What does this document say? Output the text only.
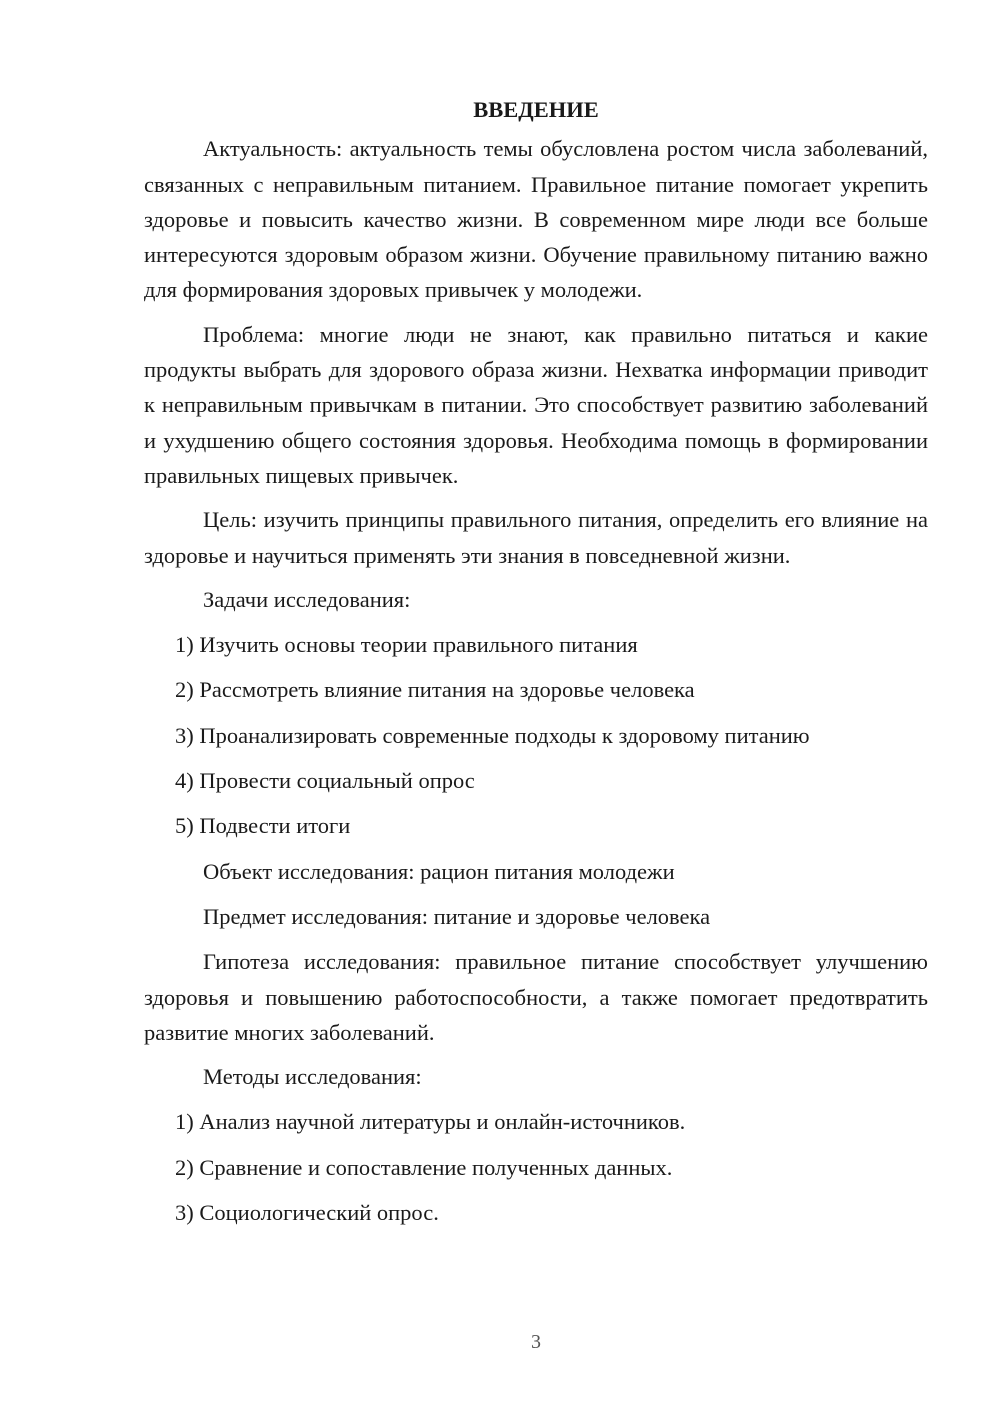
ВВЕДЕНИЕ

Актуальность: актуальность темы обусловлена ростом числа заболеваний, связанных с неправильным питанием. Правильное питание помогает укрепить здоровье и повысить качество жизни. В современном мире люди все больше интересуются здоровым образом жизни. Обучение правильному питанию важно для формирования здоровых привычек у молодежи.

Проблема: многие люди не знают, как правильно питаться и какие продукты выбрать для здорового образа жизни. Нехватка информации приводит к неправильным привычкам в питании. Это способствует развитию заболеваний и ухудшению общего состояния здоровья. Необходима помощь в формировании правильных пищевых привычек.

Цель: изучить принципы правильного питания, определить его влияние на здоровье и научиться применять эти знания в повседневной жизни.

Задачи исследования:
1) Изучить основы теории правильного питания
2) Рассмотреть влияние питания на здоровье человека
3) Проанализировать современные подходы к здоровому питанию
4) Провести социальный опрос
5) Подвести итоги
Объект исследования: рацион питания молодежи
Предмет исследования: питание и здоровье человека

Гипотеза исследования: правильное питание способствует улучшению здоровья и повышению работоспособности, а также помогает предотвратить развитие многих заболеваний.

Методы исследования:
1) Анализ научной литературы и онлайн-источников.
2) Сравнение и сопоставление полученных данных.
3) Социологический опрос.
3
